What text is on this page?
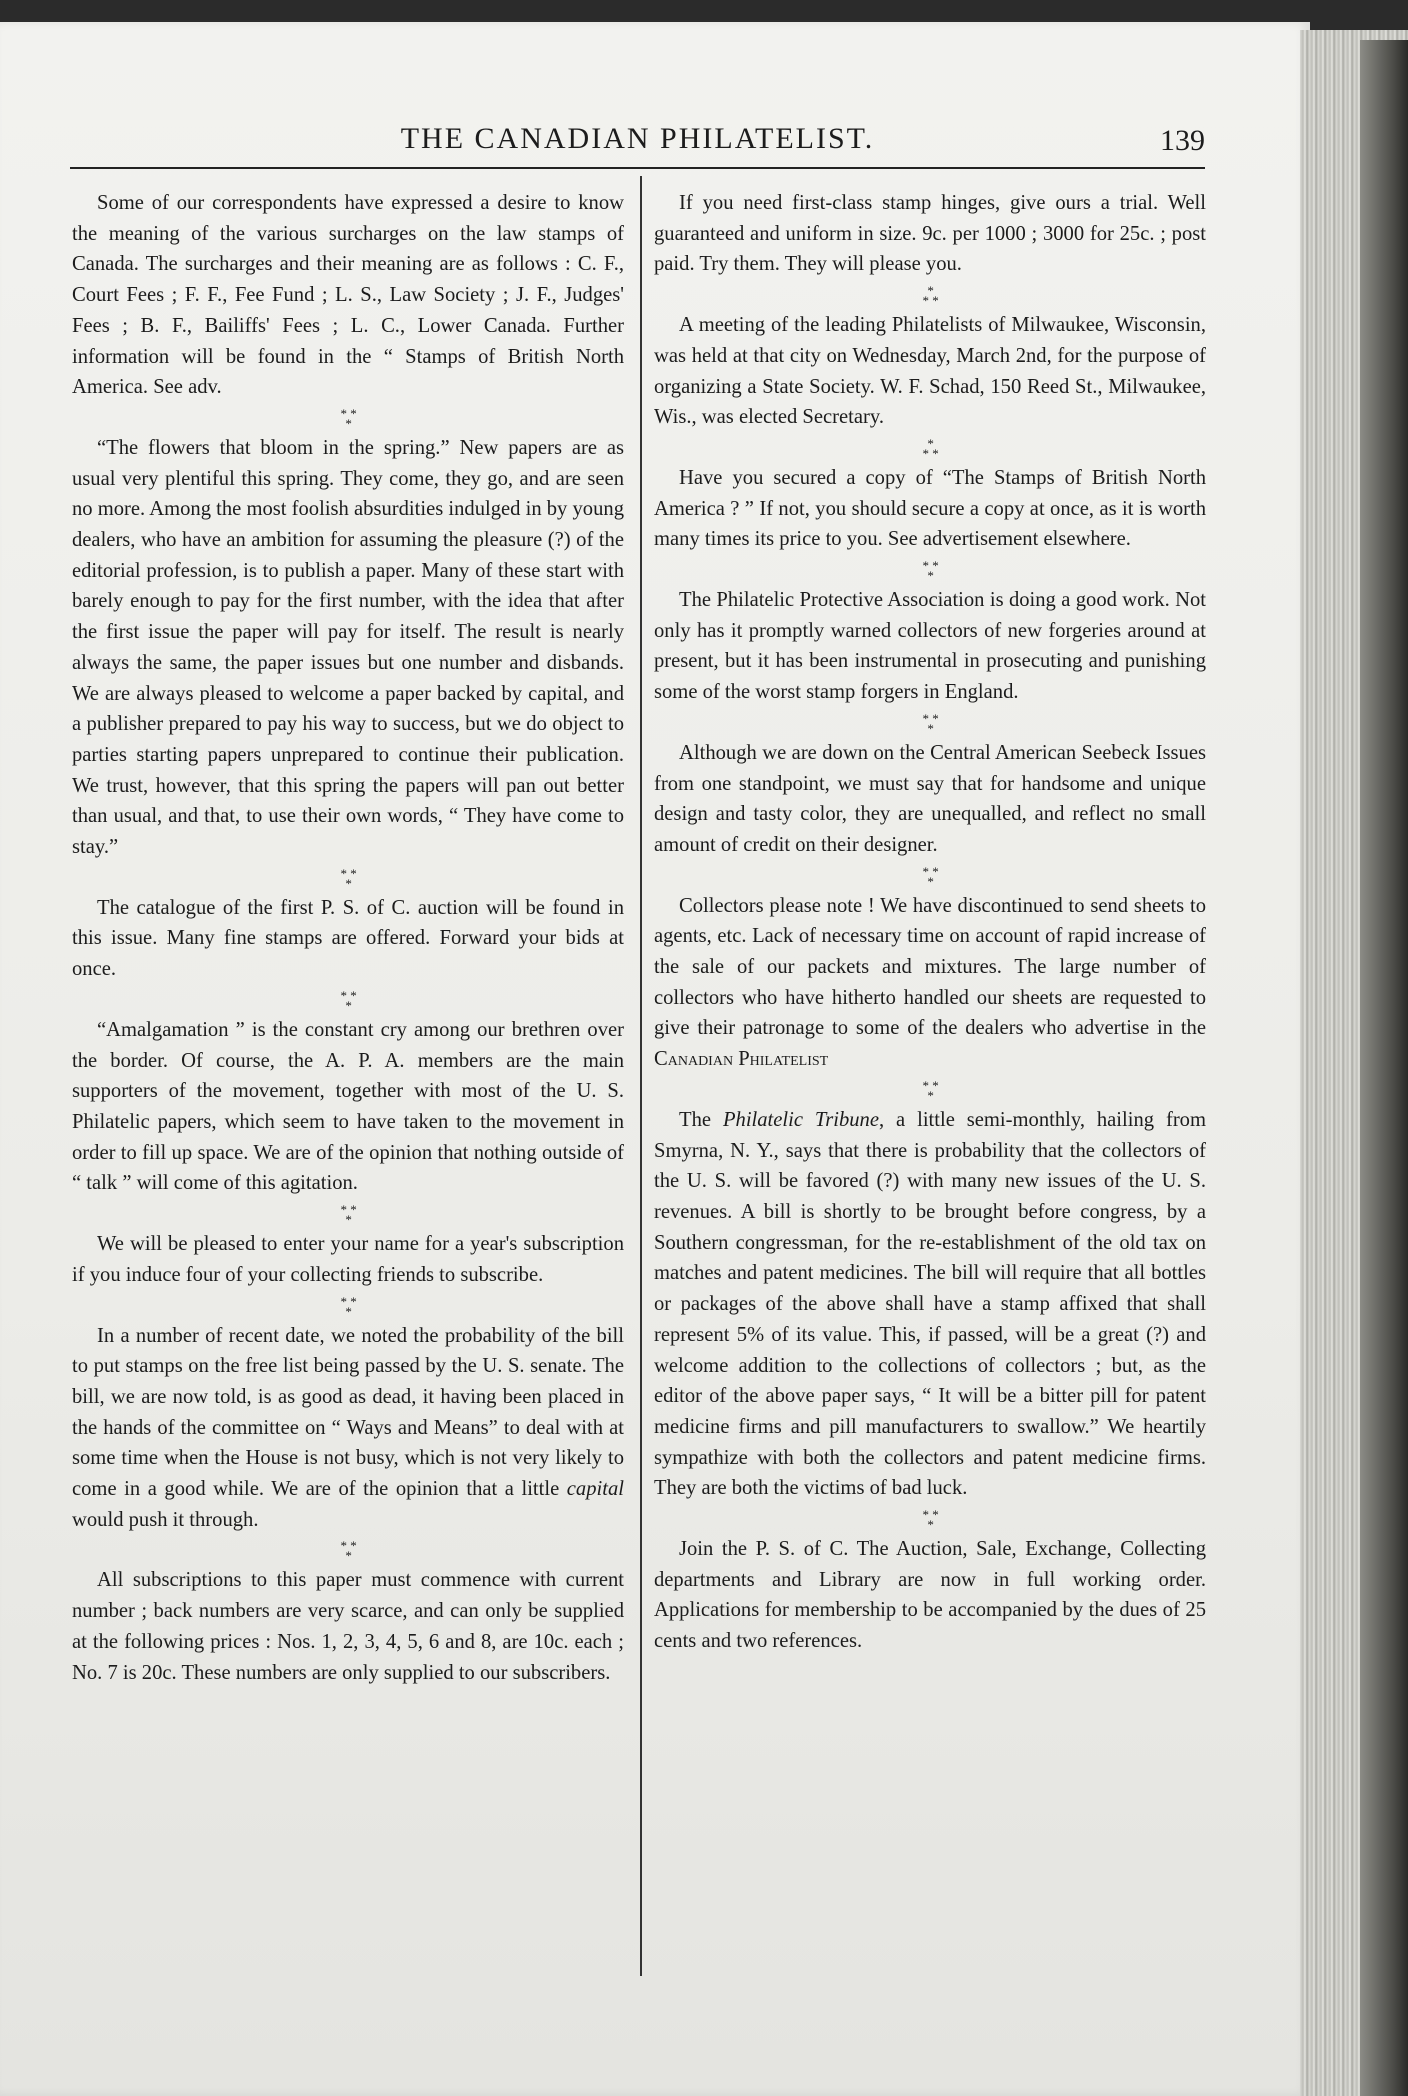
THE CANADIAN PHILATELIST.	139

Some of our correspondents have expressed a desire to know the meaning of the various surcharges on the law stamps of Canada. The surcharges and their meaning are as follows : C. F., Court Fees ; F. F., Fee Fund ; L. S., Law Society ; J. F., Judges' Fees ; B. F., Bailiffs' Fees ; L. C., Lower Canada. Further information will be found in the “ Stamps of British North America. See adv.

* *
*

“The flowers that bloom in the spring.” New papers are as usual very plentiful this spring. They come, they go, and are seen no more. Among the most foolish absurdities indulged in by young dealers, who have an ambition for assuming the pleasure (?) of the editorial profession, is to publish a paper. Many of these start with barely enough to pay for the first number, with the idea that after the first issue the paper will pay for itself. The result is nearly always the same, the paper issues but one number and disbands. We are always pleased to welcome a paper backed by capital, and a publisher prepared to pay his way to success, but we do object to parties starting papers unprepared to continue their publication. We trust, however, that this spring the papers will pan out better than usual, and that, to use their own words, “ They have come to stay.”

* *
*

The catalogue of the first P. S. of C. auction will be found in this issue. Many fine stamps are offered. Forward your bids at once.

* *
*

“Amalgamation ” is the constant cry among our brethren over the border. Of course, the A. P. A. members are the main supporters of the movement, together with most of the U. S. Philatelic papers, which seem to have taken to the movement in order to fill up space. We are of the opinion that nothing outside of “ talk ” will come of this agitation.

* *
*

We will be pleased to enter your name for a year's subscription if you induce four of your collecting friends to subscribe.

* *
*

In a number of recent date, we noted the probability of the bill to put stamps on the free list being passed by the U. S. senate. The bill, we are now told, is as good as dead, it having been placed in the hands of the committee on “ Ways and Means” to deal with at some time when the House is not busy, which is not very likely to come in a good while. We are of the opinion that a little capital would push it through.

* *
*

All subscriptions to this paper must commence with current number ; back numbers are very scarce, and can only be supplied at the following prices : Nos. 1, 2, 3, 4, 5, 6 and 8, are 10c. each ; No. 7 is 20c. These numbers are only supplied to our subscribers.

If you need first-class stamp hinges, give ours a trial. Well guaranteed and uniform in size. 9c. per 1000 ; 3000 for 25c. ; post paid. Try them. They will please you.

*
* *

A meeting of the leading Philatelists of Milwaukee, Wisconsin, was held at that city on Wednesday, March 2nd, for the purpose of organizing a State Society. W. F. Schad, 150 Reed St., Milwaukee, Wis., was elected Secretary.

*
* *

Have you secured a copy of “The Stamps of British North America ? ” If not, you should secure a copy at once, as it is worth many times its price to you. See advertisement elsewhere.

* *
*

The Philatelic Protective Association is doing a good work. Not only has it promptly warned collectors of new forgeries around at present, but it has been instrumental in prosecuting and punishing some of the worst stamp forgers in England.

* *
*

Although we are down on the Central American Seebeck Issues from one standpoint, we must say that for handsome and unique design and tasty color, they are unequalled, and reflect no small amount of credit on their designer.

* *
*

Collectors please note ! We have discontinued to send sheets to agents, etc. Lack of necessary time on account of rapid increase of the sale of our packets and mixtures. The large number of collectors who have hitherto handled our sheets are requested to give their patronage to some of the dealers who advertise in the Canadian Philatelist

* *
*

The Philatelic Tribune, a little semi-monthly, hailing from Smyrna, N. Y., says that there is probability that the collectors of the U. S. will be favored (?) with many new issues of the U. S. revenues. A bill is shortly to be brought before congress, by a Southern congressman, for the re-establishment of the old tax on matches and patent medicines. The bill will require that all bottles or packages of the above shall have a stamp affixed that shall represent 5% of its value. This, if passed, will be a great (?) and welcome addition to the collections of collectors ; but, as the editor of the above paper says, “ It will be a bitter pill for patent medicine firms and pill manufacturers to swallow.” We heartily sympathize with both the collectors and patent medicine firms. They are both the victims of bad luck.

* *
*

Join the P. S. of C. The Auction, Sale, Exchange, Collecting departments and Library are now in full working order. Applications for membership to be accompanied by the dues of 25 cents and two references.
